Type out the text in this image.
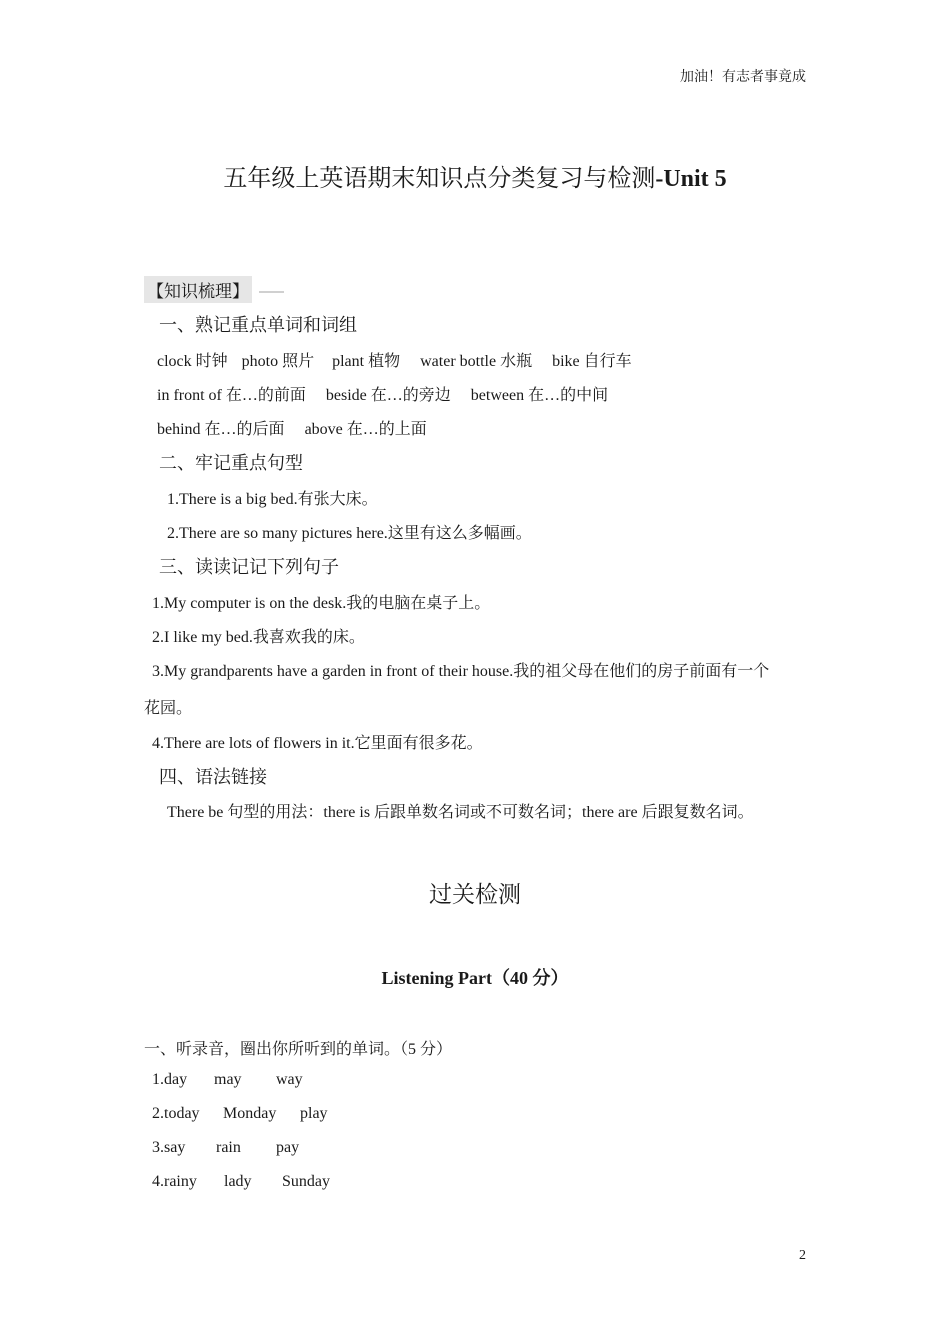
加油！有志者事竟成
五年级上英语期末知识点分类复习与检测-Unit 5
【知识梳理】
一、熟记重点单词和词组
clock 时钟 photo 照片 plant 植物 water bottle 水瓶 bike 自行车
in front of 在…的前面 beside 在…的旁边 between 在…的中间
behind 在…的后面 above 在…的上面
二、牢记重点句型
1.There is a big bed.有张大床。
2.There are so many pictures here.这里有这么多幅画。
三、读读记记下列句子
1.My computer is on the desk.我的电脑在桌子上。
2.I like my bed.我喜欢我的床。
3.My grandparents have a garden in front of their house.我的祖父母在他们的房子前面有一个
花园。
4.There are lots of flowers in it.它里面有很多花。
四、语法链接
There be 句型的用法：there is 后跟单数名词或不可数名词；there are 后跟复数名词。
过关检测
Listening Part（40 分）
一、听录音，圈出你所听到的单词。（5 分）
1.day may way
2.today Monday play
3.say rain pay
4.rainy lady Sunday
2
